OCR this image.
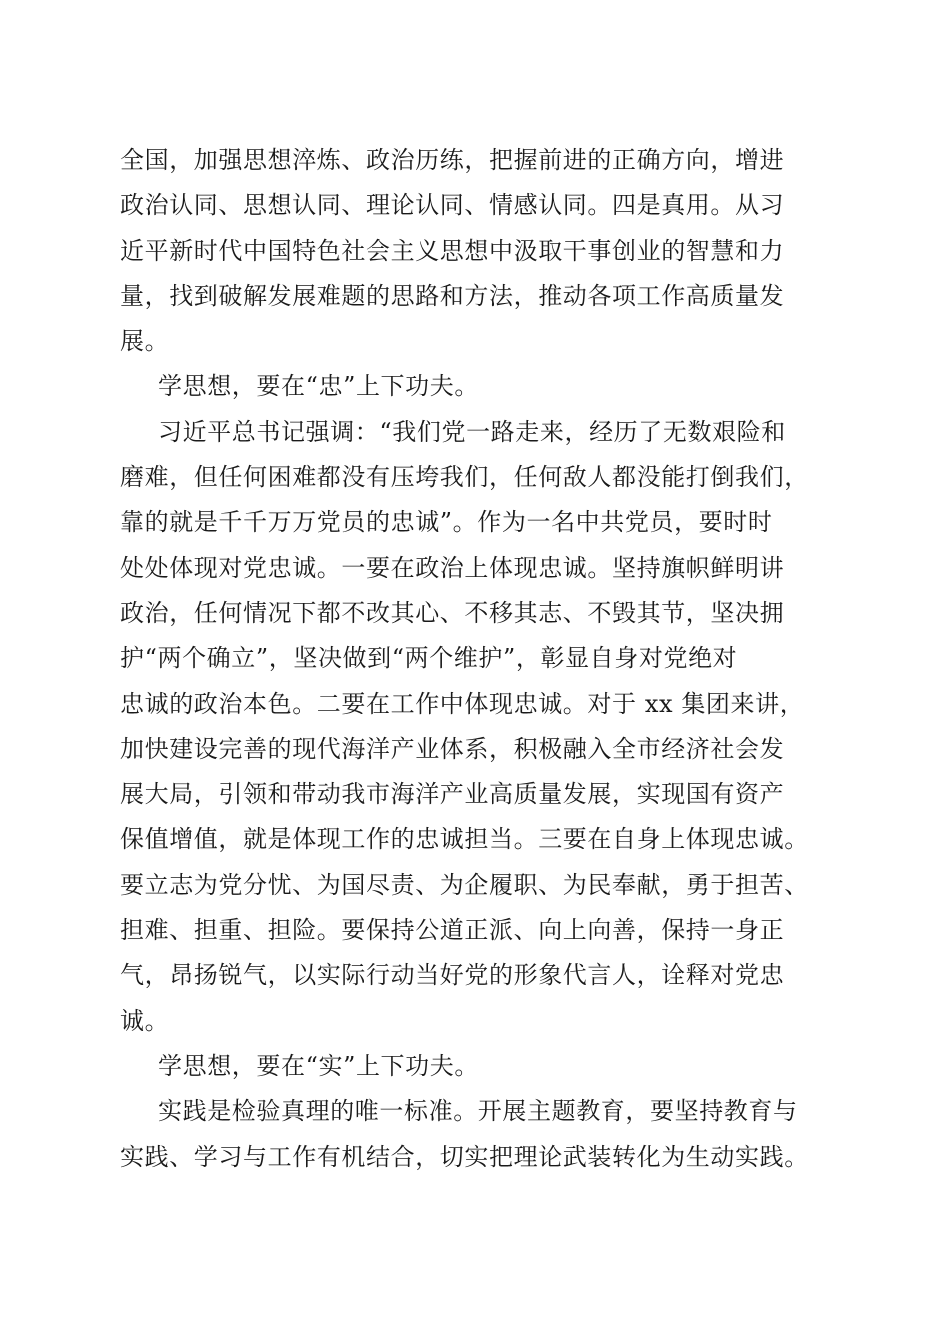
全国，加强思想淬炼、政治历练，把握前进的正确方向，增进
政治认同、思想认同、理论认同、情感认同。四是真用。从习
近平新时代中国特色社会主义思想中汲取干事创业的智慧和力
量，找到破解发展难题的思路和方法，推动各项工作高质量发
展。

学思想，要在“忠”上下功夫。

习近平总书记强调：“我们党一路走来，经历了无数艰险和
磨难，但任何困难都没有压垮我们，任何敌人都没能打倒我们，
靠的就是千千万万党员的忠诚”。作为一名中共党员，要时时
处处体现对党忠诚。一要在政治上体现忠诚。坚持旗帜鲜明讲
政治，任何情况下都不改其心、不移其志、不毁其节，坚决拥
护“两个确立”，坚决做到“两个维护”，彰显自身对党绝对
忠诚的政治本色。二要在工作中体现忠诚。对于 xx 集团来讲，
加快建设完善的现代海洋产业体系，积极融入全市经济社会发
展大局，引领和带动我市海洋产业高质量发展，实现国有资产
保值增值，就是体现工作的忠诚担当。三要在自身上体现忠诚。
要立志为党分忧、为国尽责、为企履职、为民奉献，勇于担苦、
担难、担重、担险。要保持公道正派、向上向善，保持一身正
气，昂扬锐气，以实际行动当好党的形象代言人，诠释对党忠
诚。

学思想，要在“实”上下功夫。

实践是检验真理的唯一标准。开展主题教育，要坚持教育与
实践、学习与工作有机结合，切实把理论武装转化为生动实践。
